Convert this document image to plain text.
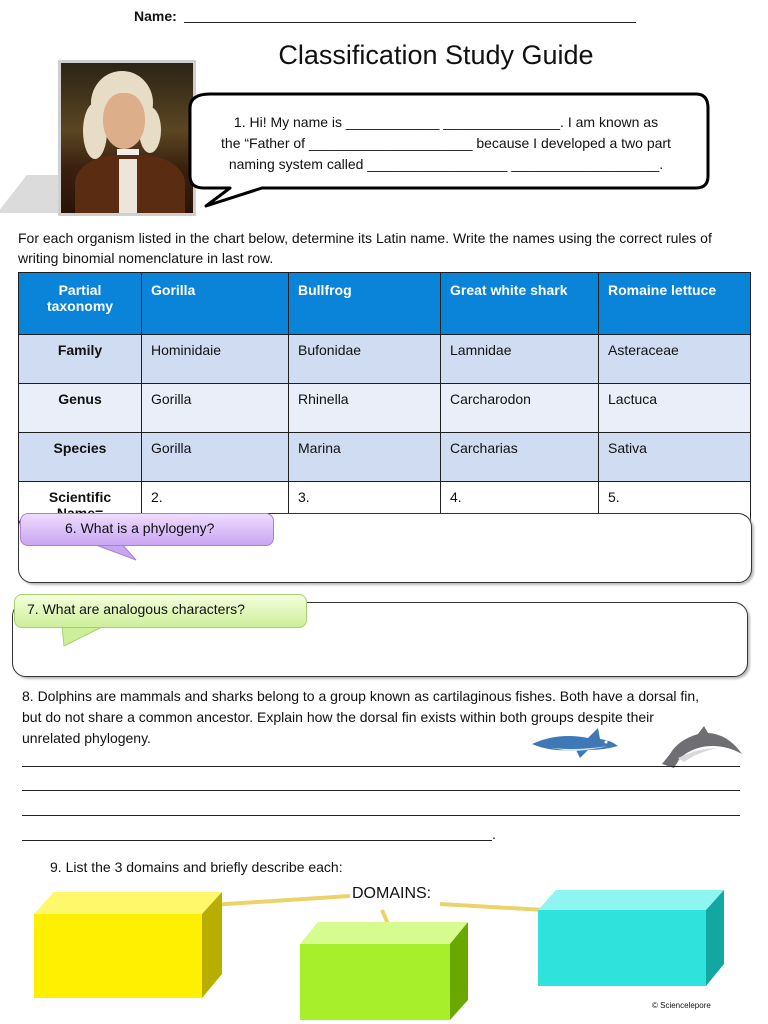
Name:
Classification Study Guide
1. Hi! My name is ____________ _______________. I am known as
the “Father of _____________________ because I developed a two part
naming system called __________________ ___________________.
For each organism listed in the chart below, determine its Latin name. Write the names using the correct rules of writing binomial nomenclature in last row.
Partial taxonomy	Gorilla	Bullfrog	Great white shark	Romaine lettuce
Family	Hominidaie	Bufonidae	Lamnidae	Asteraceae
Genus	Gorilla	Rhinella	Carcharodon	Lactuca
Species	Gorilla	Marina	Carcharias	Sativa
Scientific	2.	3.	4.	5.
6. What is a phylogeny?
7. What are analogous characters?
8. Dolphins are mammals and sharks belong to a group known as cartilaginous fishes. Both have a dorsal fin, but do not share a common ancestor. Explain how the dorsal fin exists within both groups despite their unrelated phylogeny.
.
9. List the 3 domains and briefly describe each:
DOMAINS:
© Sciencelepore
